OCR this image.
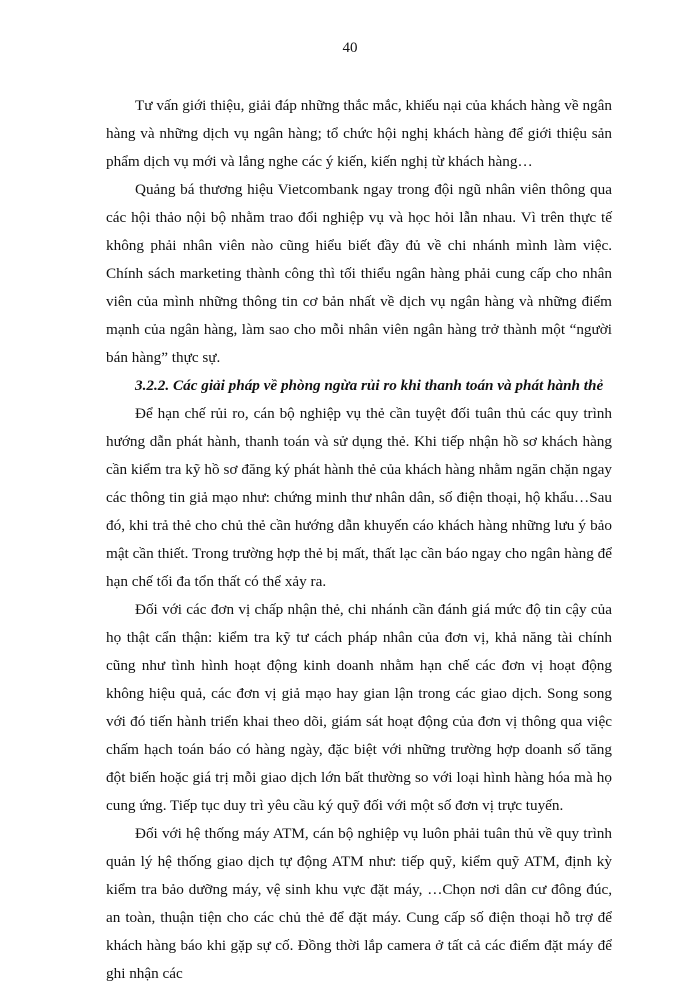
40

Tư vấn giới thiệu, giải đáp những thắc mắc, khiếu nại của khách hàng về ngân hàng và những dịch vụ ngân hàng; tổ chức hội nghị khách hàng để giới thiệu sản phẩm dịch vụ mới và lắng nghe các ý kiến, kiến nghị từ khách hàng…

Quảng bá thương hiệu Vietcombank ngay trong đội ngũ nhân viên thông qua các hội thảo nội bộ nhằm trao đổi nghiệp vụ và học hỏi lẫn nhau. Vì trên thực tế không phải nhân viên nào cũng hiểu biết đầy đủ về chi nhánh mình làm việc. Chính sách marketing thành công thì tối thiểu ngân hàng phải cung cấp cho nhân viên của mình những thông tin cơ bản nhất về dịch vụ ngân hàng và những điểm mạnh của ngân hàng, làm sao cho mỗi nhân viên ngân hàng trở thành một “người bán hàng” thực sự.

3.2.2. Các giải pháp về phòng ngừa rủi ro khi thanh toán và phát hành thẻ

Để hạn chế rủi ro, cán bộ nghiệp vụ thẻ cần tuyệt đối tuân thủ các quy trình hướng dẫn phát hành, thanh toán và sử dụng thẻ. Khi tiếp nhận hồ sơ khách hàng cần kiểm tra kỹ hồ sơ đăng ký phát hành thẻ của khách hàng nhằm ngăn chặn ngay các thông tin giả mạo như: chứng minh thư nhân dân, số điện thoại, hộ khẩu…Sau đó, khi trả thẻ cho chủ thẻ cần hướng dẫn khuyến cáo khách hàng những lưu ý bảo mật cần thiết. Trong trường hợp thẻ bị mất, thất lạc cần báo ngay cho ngân hàng để hạn chế tối đa tổn thất có thể xảy ra.

Đối với các đơn vị chấp nhận thẻ, chi nhánh cần đánh giá mức độ tin cậy của họ thật cẩn thận: kiểm tra kỹ tư cách pháp nhân của đơn vị, khả năng tài chính cũng như tình hình hoạt động kinh doanh nhằm hạn chế các đơn vị hoạt động không hiệu quả, các đơn vị giả mạo hay gian lận trong các giao dịch. Song song với đó tiến hành triển khai theo dõi, giám sát hoạt động của đơn vị thông qua việc chấm hạch toán báo có hàng ngày, đặc biệt với những trường hợp doanh số tăng đột biến hoặc giá trị mỗi giao dịch lớn bất thường so với loại hình hàng hóa mà họ cung ứng. Tiếp tục duy trì yêu cầu ký quỹ đối với một số đơn vị trực tuyến.

Đối với hệ thống máy ATM, cán bộ nghiệp vụ luôn phải tuân thủ về quy trình quản lý hệ thống giao dịch tự động ATM như: tiếp quỹ, kiểm quỹ ATM, định kỳ kiểm tra bảo dưỡng máy, vệ sinh khu vực đặt máy, …Chọn nơi dân cư đông đúc, an toàn, thuận tiện cho các chủ thẻ để đặt máy. Cung cấp số điện thoại hỗ trợ để khách hàng báo khi gặp sự cố. Đồng thời lắp camera ở tất cả các điểm đặt máy để ghi nhận các
